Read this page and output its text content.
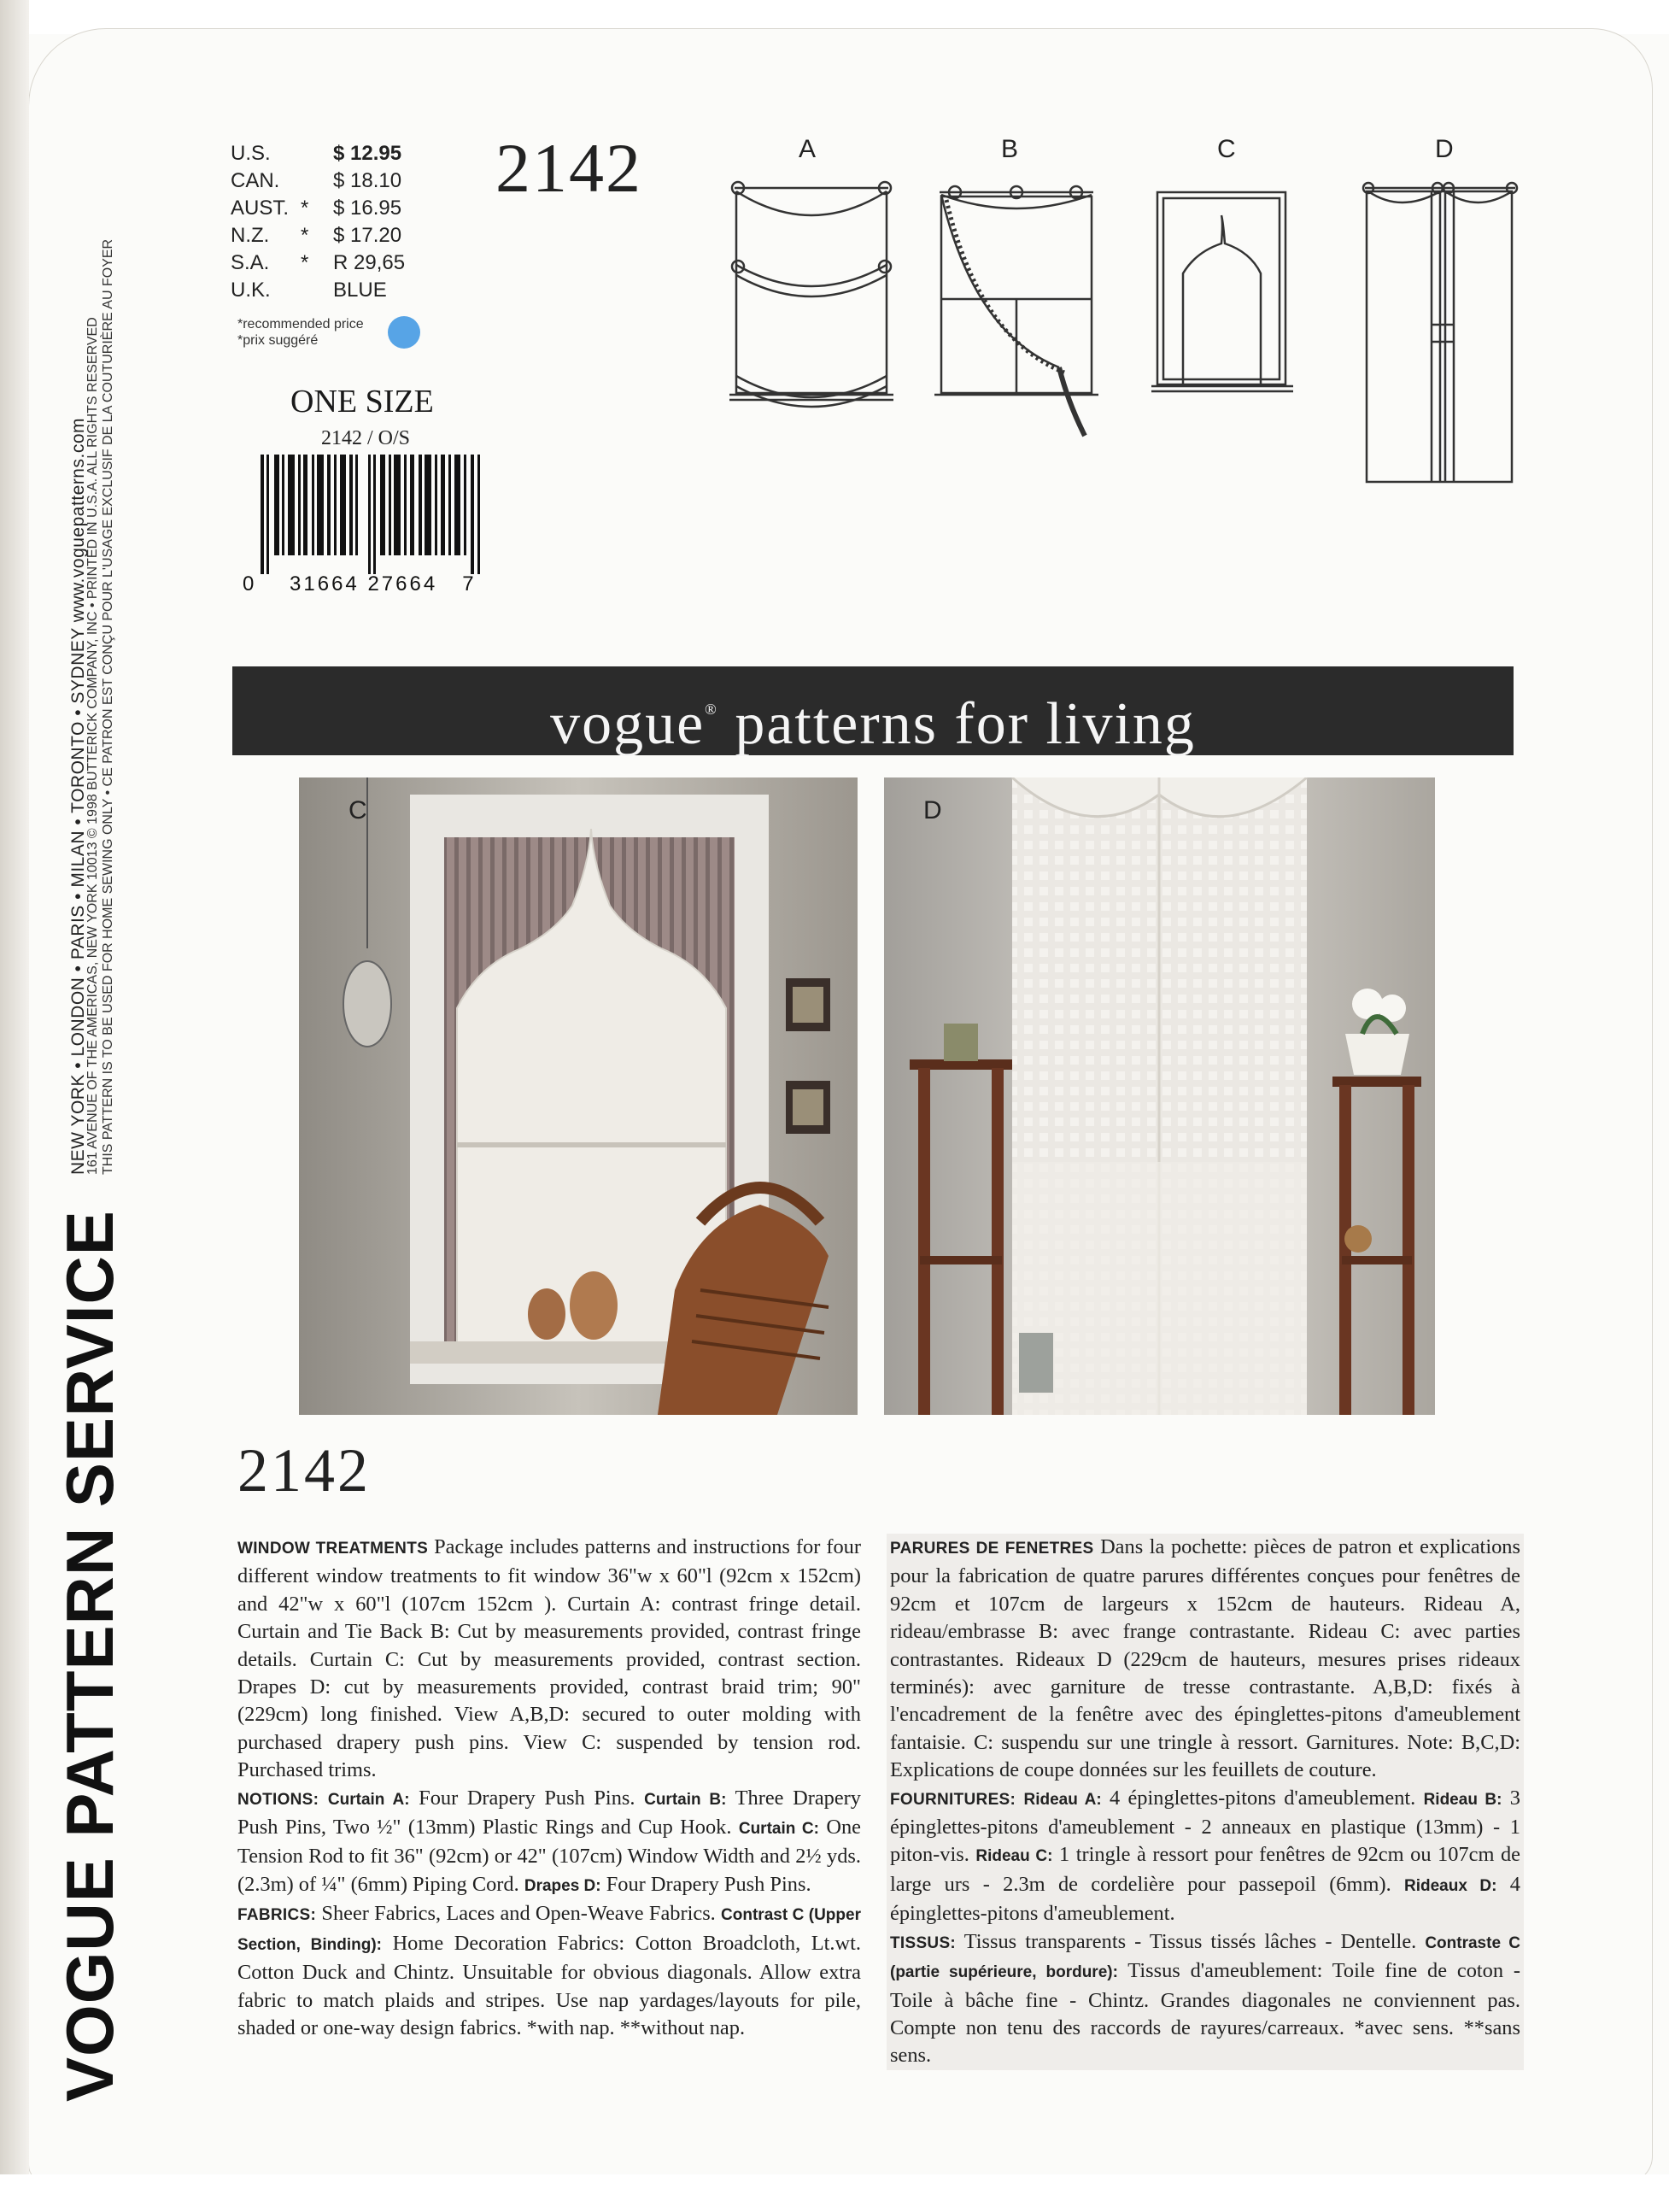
VOGUE PATTERN SERVICE
NEW YORK • LONDON • PARIS • MILAN • TORONTO • SYDNEY www.voguepatterns.com
161 AVENUE OF THE AMERICAS, NEW YORK 10013 © 1998 BUTTERICK COMPANY, INC • PRINTED IN U.S.A. ALL RIGHTS RESERVED THIS PATTERN IS TO BE USED FOR HOME SEWING ONLY • CE PATRON EST CONÇU POUR L'USAGE EXCLUSIF DE LA COUTURIÈRE AU FOYER
U.S.	$ 12.95
CAN.	$ 18.10
AUST. *	$ 16.95
N.Z.	*	$ 17.20
S.A.	*	R 29,65
U.K.	BLUE
*recommended price
*prix suggéré
2142
ONE SIZE
2142 / O/S
0 31664 27664 7
A	B	C	D
vogue® patterns for living
C	D
2142

WINDOW TREATMENTS Package includes patterns and instructions for four different window treatments to fit window 36"w x 60"l (92cm x 152cm) and 42"w x 60"l (107cm 152cm ). Curtain A: contrast fringe detail. Curtain and Tie Back B: Cut by measurements provided, contrast fringe details. Curtain C: Cut by measurements provided, contrast section. Drapes D: cut by measurements provided, contrast braid trim; 90" (229cm) long finished. View A,B,D: secured to outer molding with purchased drapery push pins. View C: suspended by tension rod. Purchased trims.

NOTIONS: Curtain A: Four Drapery Push Pins. Curtain B: Three Drapery Push Pins, Two ½" (13mm) Plastic Rings and Cup Hook. Curtain C: One Tension Rod to fit 36" (92cm) or 42" (107cm) Window Width and 2½ yds. (2.3m) of ¼" (6mm) Piping Cord. Drapes D: Four Drapery Push Pins.

FABRICS: Sheer Fabrics, Laces and Open-Weave Fabrics. Contrast C (Upper Section, Binding): Home Decoration Fabrics: Cotton Broadcloth, Lt.wt. Cotton Duck and Chintz. Unsuitable for obvious diagonals. Allow extra fabric to match plaids and stripes. Use nap yardages/layouts for pile, shaded or one-way design fabrics. *with nap. **without nap.

PARURES DE FENETRES Dans la pochette: pièces de patron et explications pour la fabrication de quatre parures différentes conçues pour fenêtres de 92cm et 107cm de largeurs x 152cm de hauteurs. Rideau A, rideau/embrasse B: avec frange contrastante. Rideau C: avec parties contrastantes. Rideaux D (229cm de hauteurs, mesures prises rideaux terminés): avec garniture de tresse contrastante. A,B,D: fixés à l'encadrement de la fenêtre avec des épinglettes-pitons d'ameublement fantaisie. C: suspendu sur une tringle à ressort. Garnitures. Note: B,C,D: Explications de coupe données sur les feuillets de couture.

FOURNITURES: Rideau A: 4 épinglettes-pitons d'ameublement. Rideau B: 3 épinglettes-pitons d'ameublement - 2 anneaux en plastique (13mm) - 1 piton-vis. Rideau C: 1 tringle à ressort pour fenêtres de 92cm ou 107cm de large urs - 2.3m de cordelière pour passepoil (6mm). Rideaux D: 4 épinglettes-pitons d'ameublement.

TISSUS: Tissus transparents - Tissus tissés lâches - Dentelle. Contraste C (partie supérieure, bordure): Tissus d'ameublement: Toile fine de coton - Toile à bâche fine - Chintz. Grandes diagonales ne conviennent pas. Compte non tenu des raccords de rayures/carreaux. *avec sens. **sans sens.
